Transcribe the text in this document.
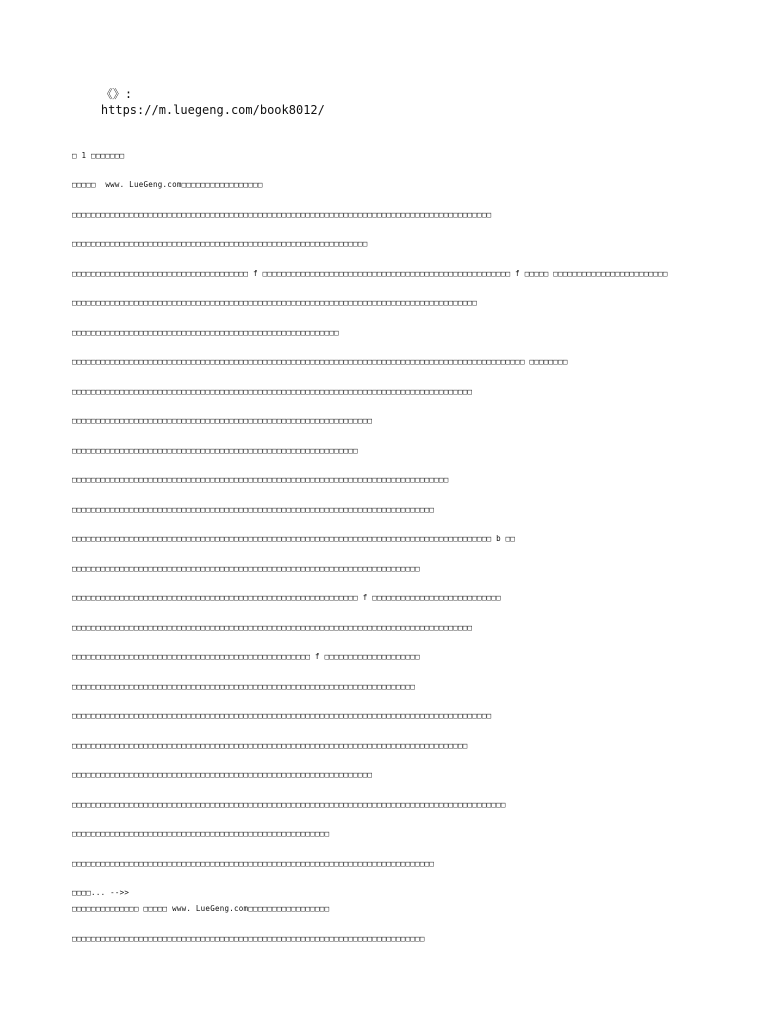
《》:
https://m.luegeng.com/book8012/

□ 1 □□□□□□□
□□□□□  www. LueGeng.com□□□□□□□□□□□□□□□□□
□□□□□□□□□□□□□□□□□□□□□□□□□□□□□□□□□□□□□□□□□□□□□□□□□□□□□□□□□□□□□□□□□□□□□□□□□□□□□□□□□□□□□□□□
□□□□□□□□□□□□□□□□□□□□□□□□□□□□□□□□□□□□□□□□□□□□□□□□□□□□□□□□□□□□□□
□□□□□□□□□□□□□□□□□□□□□□□□□□□□□□□□□□□□□ f □□□□□□□□□□□□□□□□□□□□□□□□□□□□□□□□□□□□□□□□□□□□□□□□□□□□ f □□□□□ □□□□□□□□□□□□□□□□□□□□□□□□
□□□□□□□□□□□□□□□□□□□□□□□□□□□□□□□□□□□□□□□□□□□□□□□□□□□□□□□□□□□□□□□□□□□□□□□□□□□□□□□□□□□□□
□□□□□□□□□□□□□□□□□□□□□□□□□□□□□□□□□□□□□□□□□□□□□□□□□□□□□□□□
□□□□□□□□□□□□□□□□□□□□□□□□□□□□□□□□□□□□□□□□□□□□□□□□□□□□□□□□□□□□□□□□□□□□□□□□□□□□□□□□□□□□□□□□□□□□□□□ □□□□□□□□
□□□□□□□□□□□□□□□□□□□□□□□□□□□□□□□□□□□□□□□□□□□□□□□□□□□□□□□□□□□□□□□□□□□□□□□□□□□□□□□□□□□□
□□□□□□□□□□□□□□□□□□□□□□□□□□□□□□□□□□□□□□□□□□□□□□□□□□□□□□□□□□□□□□□
□□□□□□□□□□□□□□□□□□□□□□□□□□□□□□□□□□□□□□□□□□□□□□□□□□□□□□□□□□□□
□□□□□□□□□□□□□□□□□□□□□□□□□□□□□□□□□□□□□□□□□□□□□□□□□□□□□□□□□□□□□□□□□□□□□□□□□□□□□□□
□□□□□□□□□□□□□□□□□□□□□□□□□□□□□□□□□□□□□□□□□□□□□□□□□□□□□□□□□□□□□□□□□□□□□□□□□□□□
□□□□□□□□□□□□□□□□□□□□□□□□□□□□□□□□□□□□□□□□□□□□□□□□□□□□□□□□□□□□□□□□□□□□□□□□□□□□□□□□□□□□□□□□ b □□
□□□□□□□□□□□□□□□□□□□□□□□□□□□□□□□□□□□□□□□□□□□□□□□□□□□□□□□□□□□□□□□□□□□□□□□□□
□□□□□□□□□□□□□□□□□□□□□□□□□□□□□□□□□□□□□□□□□□□□□□□□□□□□□□□□□□□□ f □□□□□□□□□□□□□□□□□□□□□□□□□□□
□□□□□□□□□□□□□□□□□□□□□□□□□□□□□□□□□□□□□□□□□□□□□□□□□□□□□□□□□□□□□□□□□□□□□□□□□□□□□□□□□□□□
□□□□□□□□□□□□□□□□□□□□□□□□□□□□□□□□□□□□□□□□□□□□□□□□□□ f □□□□□□□□□□□□□□□□□□□□
□□□□□□□□□□□□□□□□□□□□□□□□□□□□□□□□□□□□□□□□□□□□□□□□□□□□□□□□□□□□□□□□□□□□□□□□
□□□□□□□□□□□□□□□□□□□□□□□□□□□□□□□□□□□□□□□□□□□□□□□□□□□□□□□□□□□□□□□□□□□□□□□□□□□□□□□□□□□□□□□□
□□□□□□□□□□□□□□□□□□□□□□□□□□□□□□□□□□□□□□□□□□□□□□□□□□□□□□□□□□□□□□□□□□□□□□□□□□□□□□□□□□□
□□□□□□□□□□□□□□□□□□□□□□□□□□□□□□□□□□□□□□□□□□□□□□□□□□□□□□□□□□□□□□□
□□□□□□□□□□□□□□□□□□□□□□□□□□□□□□□□□□□□□□□□□□□□□□□□□□□□□□□□□□□□□□□□□□□□□□□□□□□□□□□□□□□□□□□□□□□
□□□□□□□□□□□□□□□□□□□□□□□□□□□□□□□□□□□□□□□□□□□□□□□□□□□□□□
□□□□□□□□□□□□□□□□□□□□□□□□□□□□□□□□□□□□□□□□□□□□□□□□□□□□□□□□□□□□□□□□□□□□□□□□□□□□
□□□□... -->>
□□□□□□□□□□□□□□ □□□□□ www. LueGeng.com□□□□□□□□□□□□□□□□□
□□□□□□□□□□□□□□□□□□□□□□□□□□□□□□□□□□□□□□□□□□□□□□□□□□□□□□□□□□□□□□□□□□□□□□□□□□
